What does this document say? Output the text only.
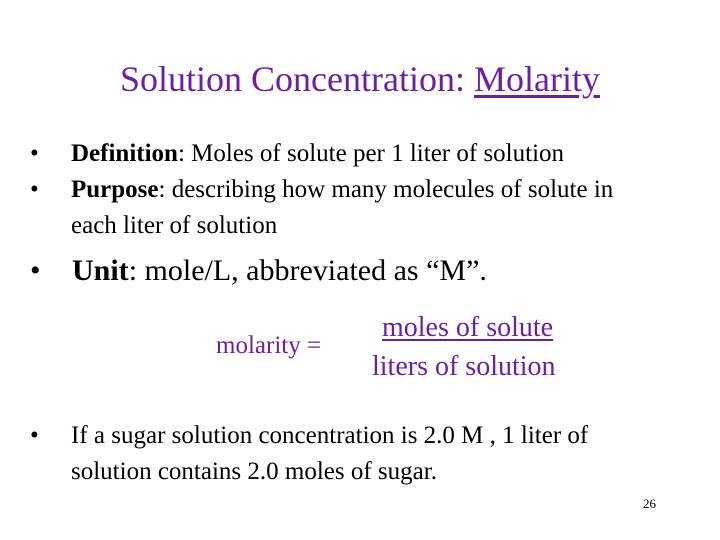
Solution Concentration: Molarity
• Definition: Moles of solute per 1 liter of solution
• Purpose: describing how many molecules of solute in each liter of solution
• Unit: mole/L, abbreviated as “M”.
molarity =
moles of solute
liters of solution
• If a sugar solution concentration is 2.0 M , 1 liter of solution contains 2.0 moles of sugar.
26
